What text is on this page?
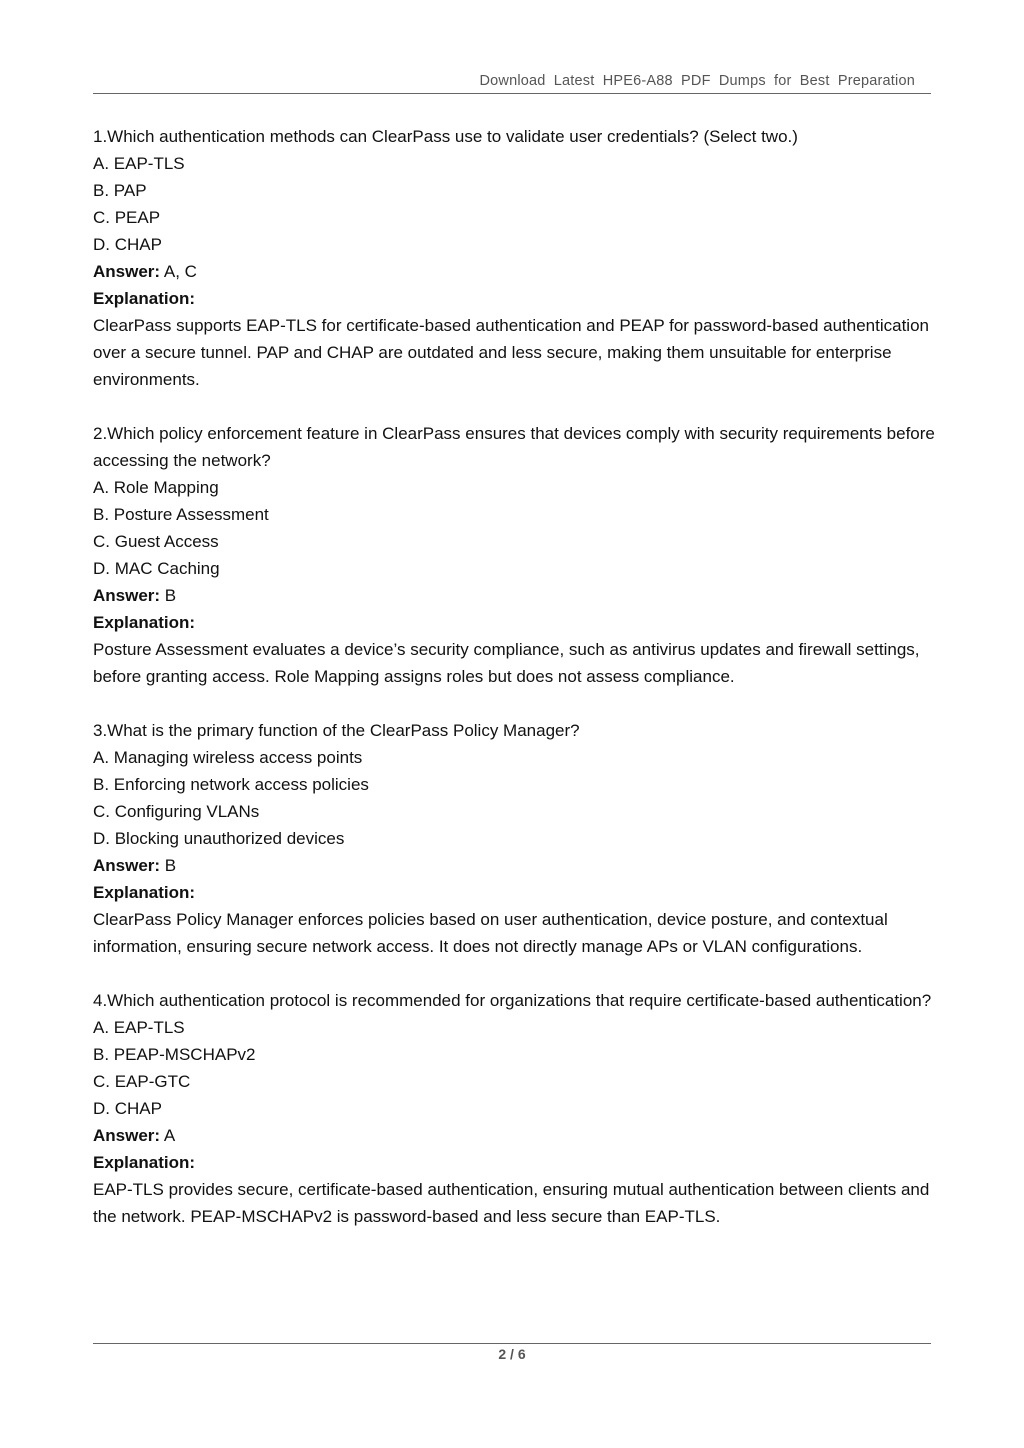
Download Latest HPE6-A88 PDF Dumps for Best Preparation

1.Which authentication methods can ClearPass use to validate user credentials? (Select two.)

A. EAP-TLS

B. PAP

C. PEAP

D. CHAP

Answer: A, C

Explanation:

ClearPass supports EAP-TLS for certificate-based authentication and PEAP for password-based authentication over a secure tunnel. PAP and CHAP are outdated and less secure, making them unsuitable for enterprise environments.

2.Which policy enforcement feature in ClearPass ensures that devices comply with security requirements before accessing the network?

A. Role Mapping

B. Posture Assessment

C. Guest Access

D. MAC Caching

Answer: B

Explanation:

Posture Assessment evaluates a device’s security compliance, such as antivirus updates and firewall settings, before granting access. Role Mapping assigns roles but does not assess compliance.

3.What is the primary function of the ClearPass Policy Manager?

A. Managing wireless access points

B. Enforcing network access policies

C. Configuring VLANs

D. Blocking unauthorized devices

Answer: B

Explanation:

ClearPass Policy Manager enforces policies based on user authentication, device posture, and contextual information, ensuring secure network access. It does not directly manage APs or VLAN configurations.

4.Which authentication protocol is recommended for organizations that require certificate-based authentication?

A. EAP-TLS

B. PEAP-MSCHAPv2

C. EAP-GTC

D. CHAP

Answer: A

Explanation:

EAP-TLS provides secure, certificate-based authentication, ensuring mutual authentication between clients and the network. PEAP-MSCHAPv2 is password-based and less secure than EAP-TLS.

2 / 6
